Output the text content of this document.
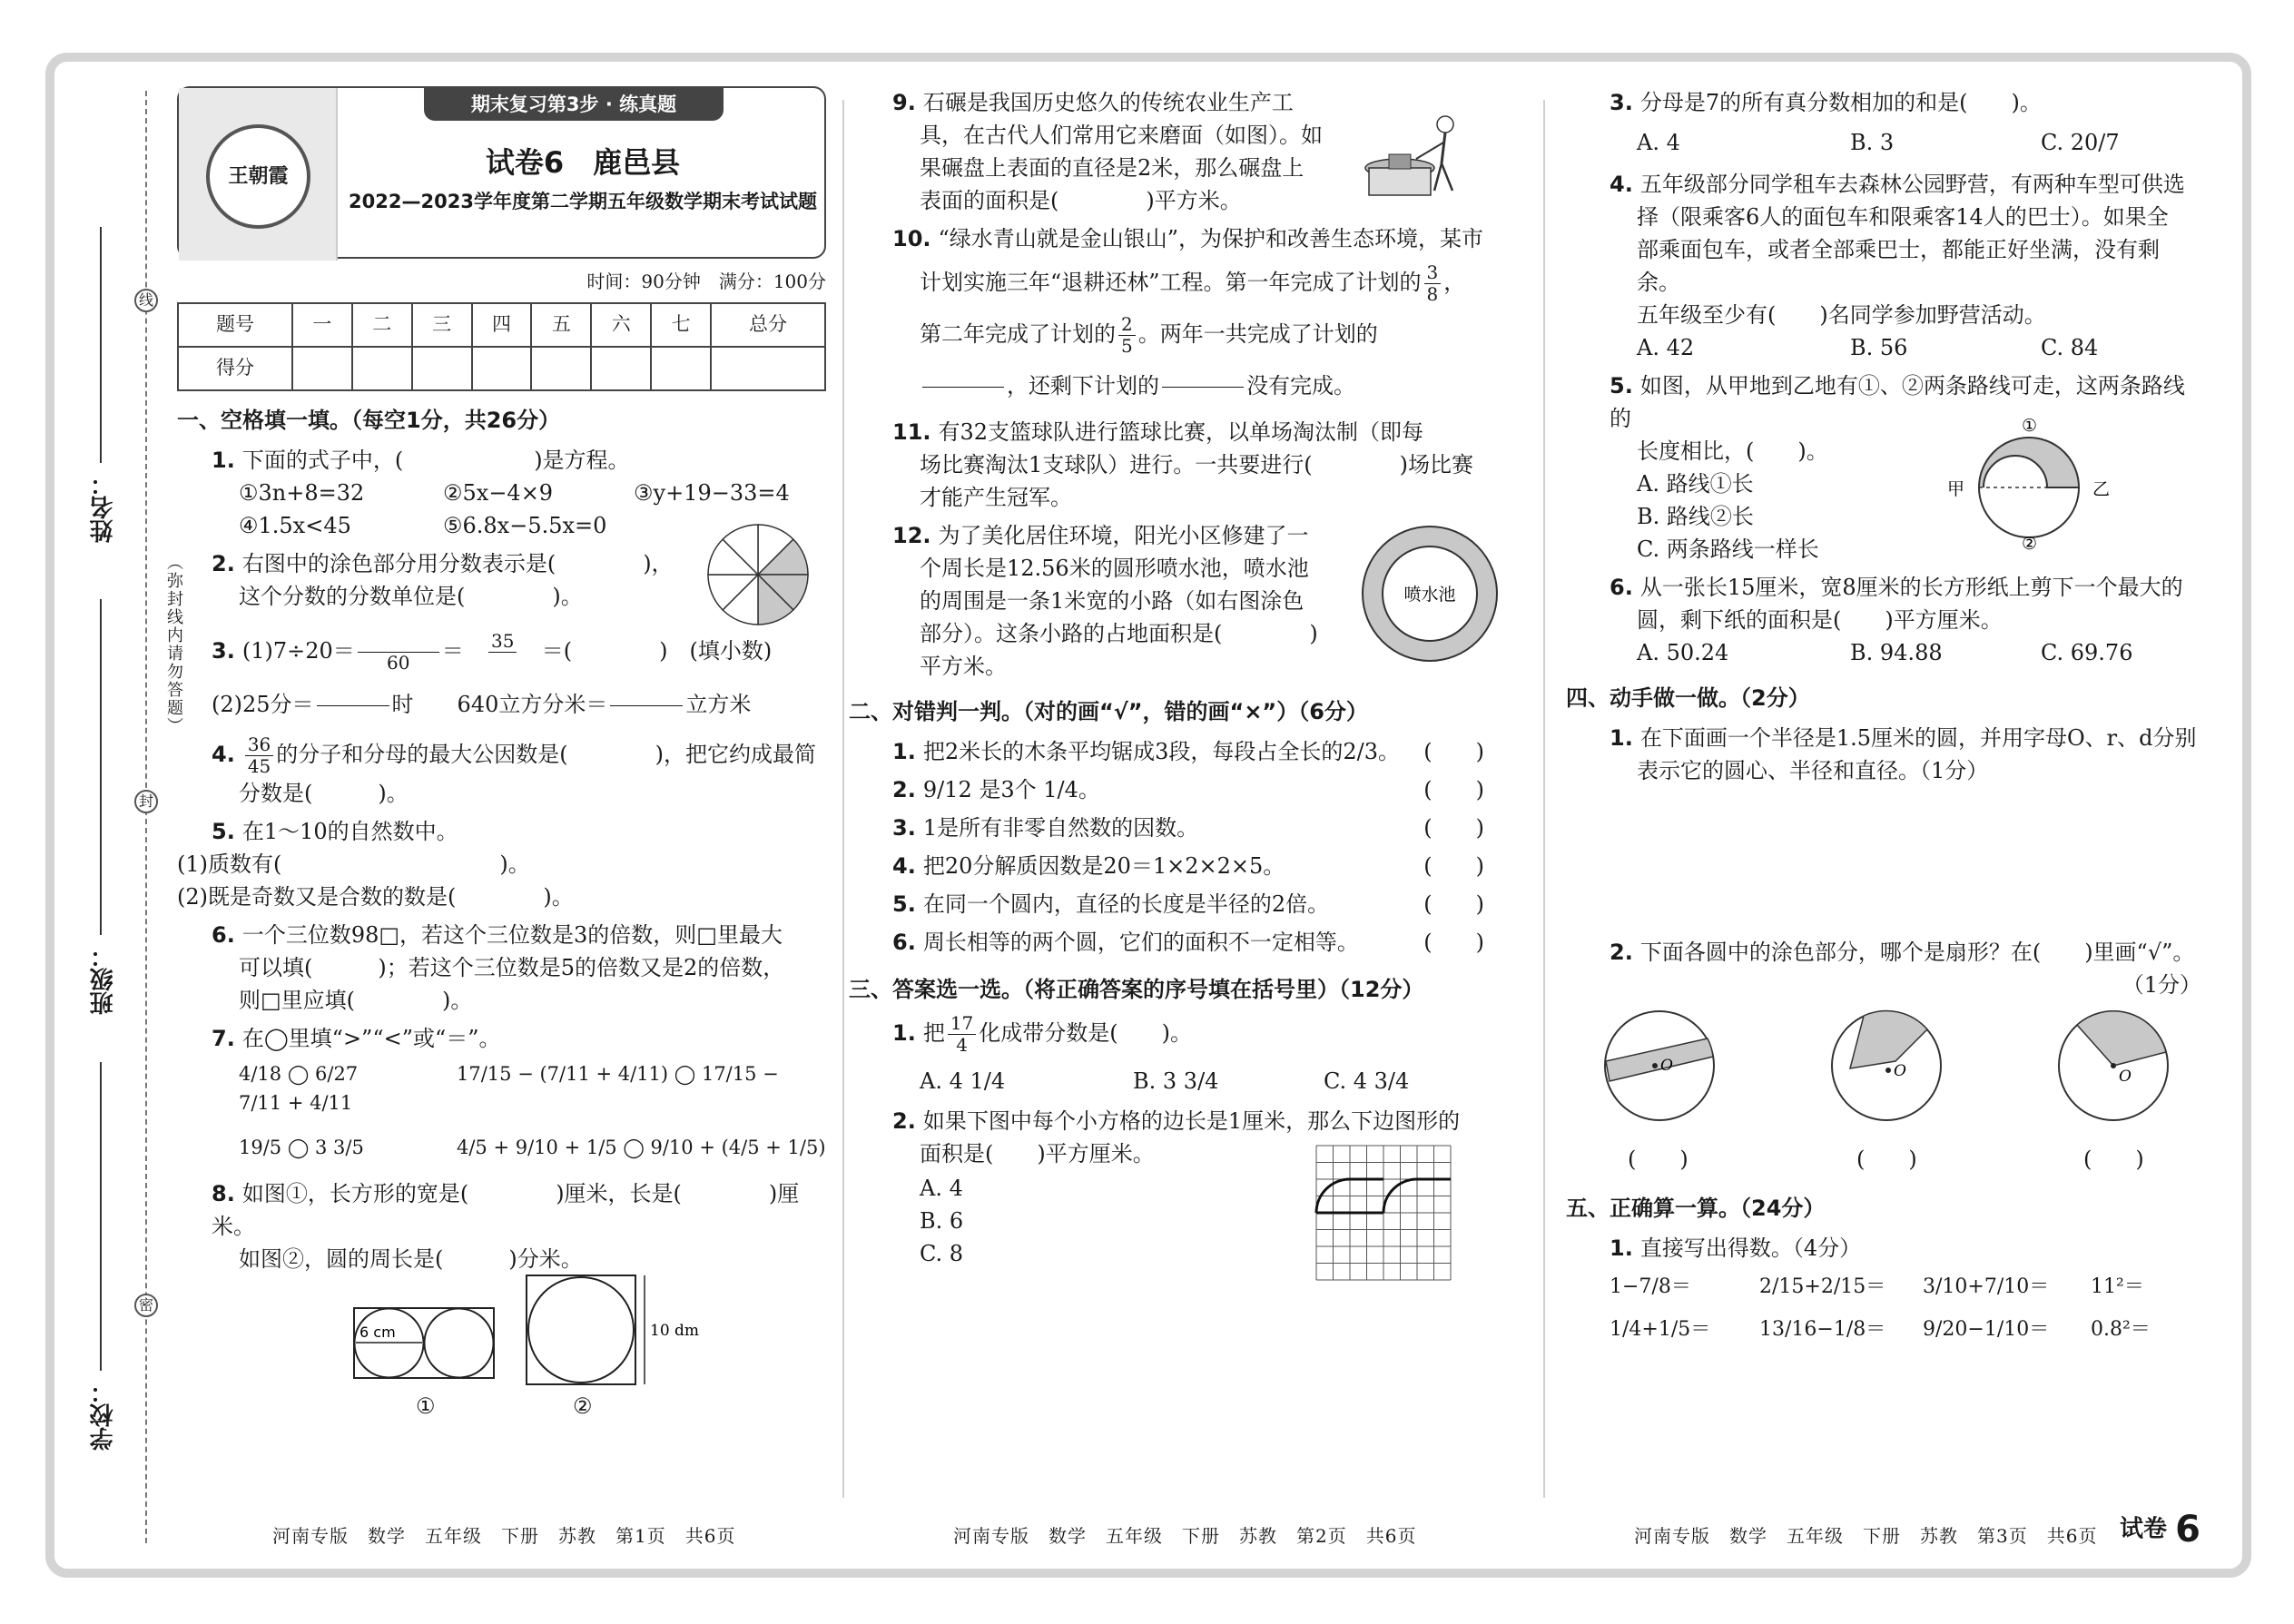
线
封
密
（弥封线内请勿答题）
姓名：
班级：
学校：
王朝霞
期末复习第3步 · 练真题
试卷6　鹿邑县
2022—2023学年度第二学期五年级数学期末考试试题
时间：90分钟　满分：100分
题号	一	二	三	四	五	六	七	总分
得分								
一、空格填一填。（每空1分，共26分）
1. 下面的式子中，(　　　　　　)是方程。
①3n+8=32	②5x−4×9	③y+19−33=4
④1.5x<45	⑤6.8x−5.5x=0
2. 右图中的涂色部分用分数表示是(　　　　)，
这个分数的分数单位是(　　　　)。
3. (1)7÷20＝
60 ＝ 35
＝(　　　　)　(填小数)
(2)25分＝

	时　　640立方分米＝

	立方米
4. $\frac{36}{45}$ 的分子和分母的最大公因数是(　　　　)，把它约成最简
分数是(　　　)。
5. 在1～10的自然数中。
(1)质数有(　　　　　　　　　　)。
(2)既是奇数又是合数的数是(　　　　)。
6. 一个三位数98□，若这个三位数是3的倍数，则□里最大
可以填(　　　)；若这个三位数是5的倍数又是2的倍数，
则□里应填(　　　　)。
7. 在◯里填“>”“<”或“＝”。
4/18 ◯ 6/27	17/15 − (7/11 + 4/11) ◯ 17/15 − 7/11 + 4/11
19/5 ◯ 3 3/5	4/5 + 9/10 + 1/5 ◯ 9/10 + (4/5 + 1/5)
8. 如图①，长方形的宽是(　　　　)厘米，长是(　　　　)厘米。
如图②，圆的周长是(　　　)分米。
6 cm	10 dm
①	②
9. 石碾是我国历史悠久的传统农业生产工
具，在古代人们常用它来磨面（如图）。如
果碾盘上表面的直径是2米，那么碾盘上
表面的面积是(　　　　)平方米。
10. “绿水青山就是金山银山”，为保护和改善生态环境，某市
计划实施三年“退耕还林”工程。第一年完成了计划的 $\frac{3}{8}$ ，
第二年完成了计划的 $\frac{2}{5}$ 。两年一共完成了计划的

，还剩下计划的

	没有完成。
11. 有32支篮球队进行篮球比赛，以单场淘汰制（即每
场比赛淘汰1支球队）进行。一共要进行(　　　　)场比赛
才能产生冠军。
12. 为了美化居住环境，阳光小区修建了一
个周长是12.56米的圆形喷水池，喷水池
的周围是一条1米宽的小路（如右图涂色
部分）。这条小路的占地面积是(　　　　)
平方米。
喷水池
二、对错判一判。（对的画“√”，错的画“×”）（6分）
1. 把2米长的木条平均锯成3段，每段占全长的2/3。 (　　)
2. 9/12 是3个 1/4。	(　　)
3. 1是所有非零自然数的因数。	(　　)
4. 把20分解质因数是20＝1×2×2×5。	(　　)
5. 在同一个圆内，直径的长度是半径的2倍。	(　　)
6. 周长相等的两个圆，它们的面积不一定相等。	(　　)
三、答案选一选。（将正确答案的序号填在括号里）（12分）
1. 把 $\frac{17}{4}$ 化成带分数是(　　)。
A. 4 1/4	B. 3 3/4	C. 4 3/4
2. 如果下图中每个小方格的边长是1厘米，那么下边图形的
面积是(　　)平方厘米。
A. 4
B. 6
C. 8
3. 分母是7的所有真分数相加的和是(　　)。
A. 4	B. 3	C. 20/7
4. 五年级部分同学租车去森林公园野营，有两种车型可供选
择（限乘客6人的面包车和限乘客14人的巴士）。如果全
部乘面包车，或者全部乘巴士，都能正好坐满，没有剩余。
五年级至少有(　　)名同学参加野营活动。
A. 42	B. 56	C. 84
5. 如图，从甲地到乙地有①、②两条路线可走，这两条路线的
长度相比，(　　)。
A. 路线①长
B. 路线②长
C. 两条路线一样长
甲	乙
①
②
6. 从一张长15厘米，宽8厘米的长方形纸上剪下一个最大的
圆，剩下纸的面积是(　　)平方厘米。
A. 50.24	B. 94.88	C. 69.76
四、动手做一做。（2分）
1. 在下面画一个半径是1.5厘米的圆，并用字母O、r、d分别
表示它的圆心、半径和直径。（1分）
2. 下面各圆中的涂色部分，哪个是扇形？在(　　)里画“√”。
（1分）
O	O	O
(　　)	(　　)	(　　)
五、正确算一算。（24分）
1. 直接写出得数。（4分）
1−7/8＝	2/15+2/15＝ 3/10+7/10＝ 11²＝
1/4+1/5＝ 13/16−1/8＝ 9/20−1/10＝ 0.8²＝
河南专版　数学　五年级　下册　苏教　第1页　共6页	河南专版　数学　五年级　下册　苏教　第2页　共6页	河南专版　数学　五年级　下册　苏教　第3页　共6页 试卷 6
